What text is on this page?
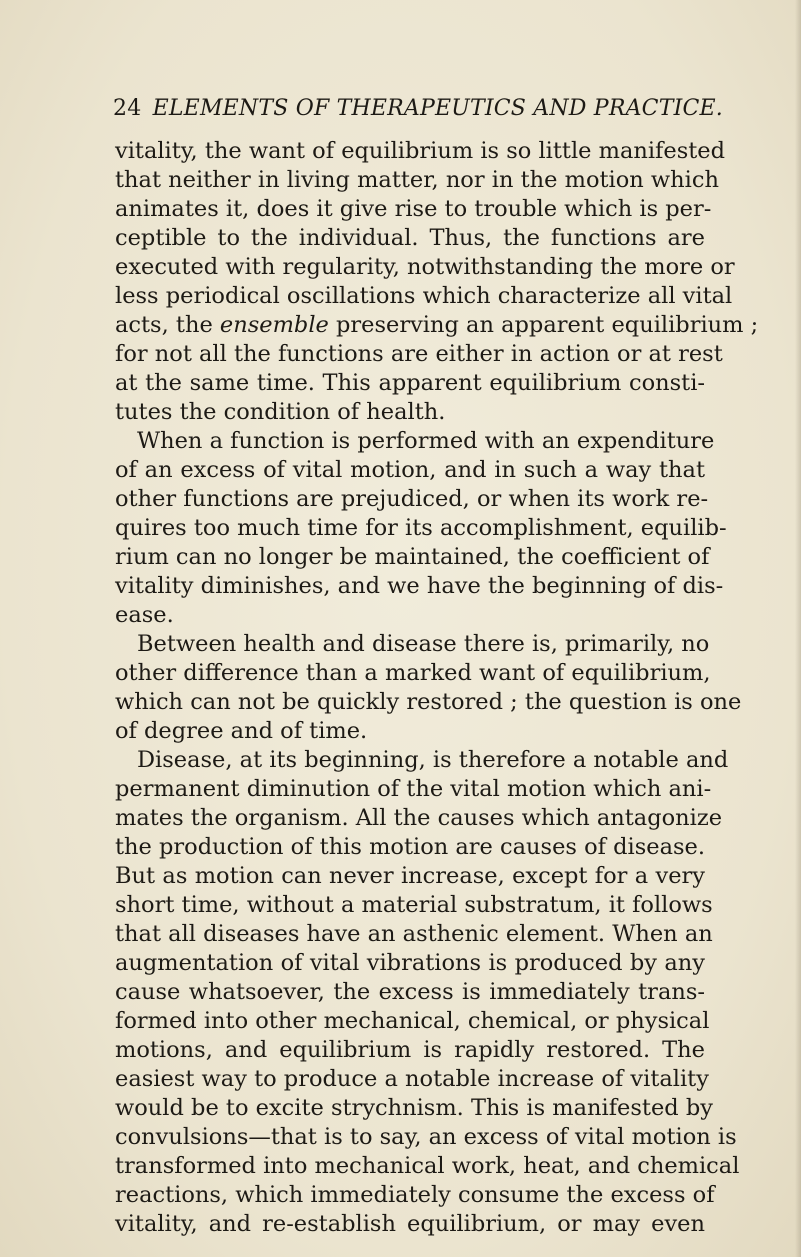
24 ELEMENTS OF THERAPEUTICS AND PRACTICE.
vitality, the want of equilibrium is so little manifested
that neither in living matter, nor in the motion which
animates it, does it give rise to trouble which is per-
ceptible to the individual. Thus, the functions are
executed with regularity, notwithstanding the more or
less periodical oscillations which characterize all vital
acts, the ensemble preserving an apparent equilibrium ;
for not all the functions are either in action or at rest
at the same time. This apparent equilibrium consti-
tutes the condition of health.
When a function is performed with an expenditure
of an excess of vital motion, and in such a way that
other functions are prejudiced, or when its work re-
quires too much time for its accomplishment, equilib-
rium can no longer be maintained, the coefficient of
vitality diminishes, and we have the beginning of dis-
ease.
Between health and disease there is, primarily, no
other difference than a marked want of equilibrium,
which can not be quickly restored ; the question is one
of degree and of time.
Disease, at its beginning, is therefore a notable and
permanent diminution of the vital motion which ani-
mates the organism. All the causes which antagonize
the production of this motion are causes of disease.
But as motion can never increase, except for a very
short time, without a material substratum, it follows
that all diseases have an asthenic element. When an
augmentation of vital vibrations is produced by any
cause whatsoever, the excess is immediately trans-
formed into other mechanical, chemical, or physical
motions, and equilibrium is rapidly restored. The
easiest way to produce a notable increase of vitality
would be to excite strychnism. This is manifested by
convulsions—that is to say, an excess of vital motion is
transformed into mechanical work, heat, and chemical
reactions, which immediately consume the excess of
vitality, and re-establish equilibrium, or may even
